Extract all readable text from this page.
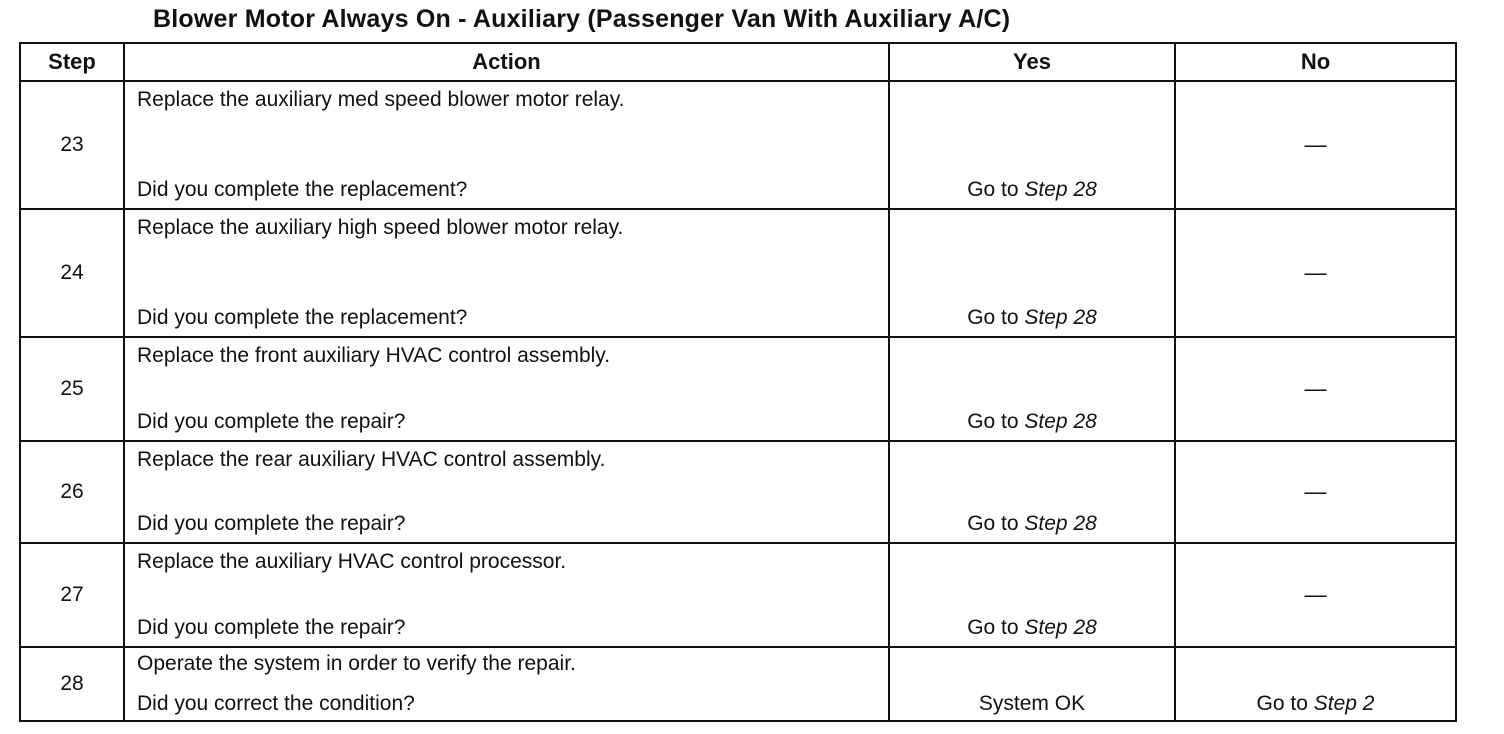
Blower Motor Always On - Auxiliary (Passenger Van With Auxiliary A/C)
Step	Action	Yes	No
23	Replace the auxiliary med speed blower motor relay.
Did you complete the replacement?	Go to Step 28	—

24	Replace the auxiliary high speed blower motor relay.
Did you complete the replacement?	Go to Step 28	—

25	Replace the front auxiliary HVAC control assembly.
Did you complete the repair?	Go to Step 28	—

26	Replace the rear auxiliary HVAC control assembly.
Did you complete the repair?	Go to Step 28	—

27	Replace the auxiliary HVAC control processor.
Did you complete the repair?	Go to Step 28	—

28	Operate the system in order to verify the repair.
Did you correct the condition?	System OK	Go to Step 2
